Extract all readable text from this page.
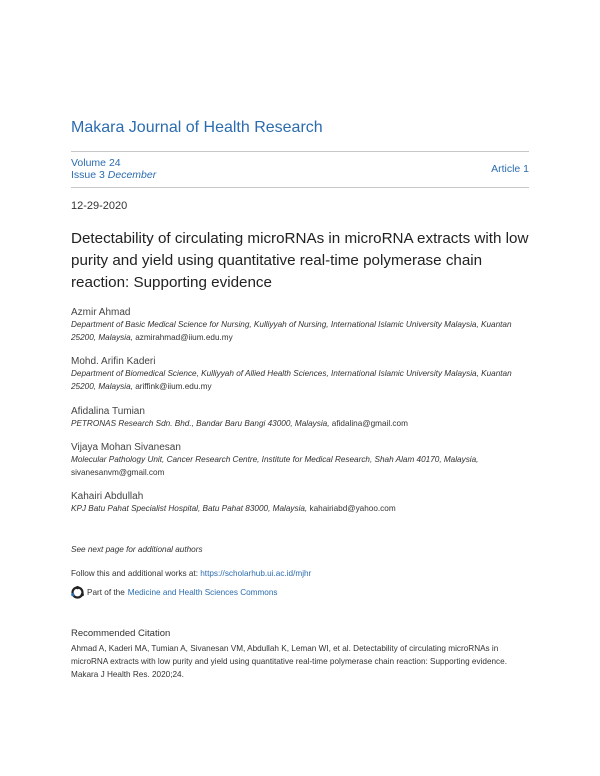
Makara Journal of Health Research
Volume 24
Issue 3 December	Article 1
12-29-2020
Detectability of circulating microRNAs in microRNA extracts with low purity and yield using quantitative real-time polymerase chain reaction: Supporting evidence
Azmir Ahmad
Department of Basic Medical Science for Nursing, Kulliyyah of Nursing, International Islamic University Malaysia, Kuantan 25200, Malaysia, azmirahmad@iium.edu.my
Mohd. Arifin Kaderi
Department of Biomedical Science, Kulliyyah of Allied Health Sciences, International Islamic University Malaysia, Kuantan 25200, Malaysia, ariffink@iium.edu.my
Afidalina Tumian
PETRONAS Research Sdn. Bhd., Bandar Baru Bangi 43000, Malaysia, afidalina@gmail.com
Vijaya Mohan Sivanesan
Molecular Pathology Unit, Cancer Research Centre, Institute for Medical Research, Shah Alam 40170, Malaysia, sivanesanvm@gmail.com
Kahairi Abdullah
KPJ Batu Pahat Specialist Hospital, Batu Pahat 83000, Malaysia, kahairiabd@yahoo.com
See next page for additional authors
Follow this and additional works at: https://scholarhub.ui.ac.id/mjhr
Part of the Medicine and Health Sciences Commons
Recommended Citation
Ahmad A, Kaderi MA, Tumian A, Sivanesan VM, Abdullah K, Leman WI, et al. Detectability of circulating microRNAs in microRNA extracts with low purity and yield using quantitative real-time polymerase chain reaction: Supporting evidence. Makara J Health Res. 2020;24.
